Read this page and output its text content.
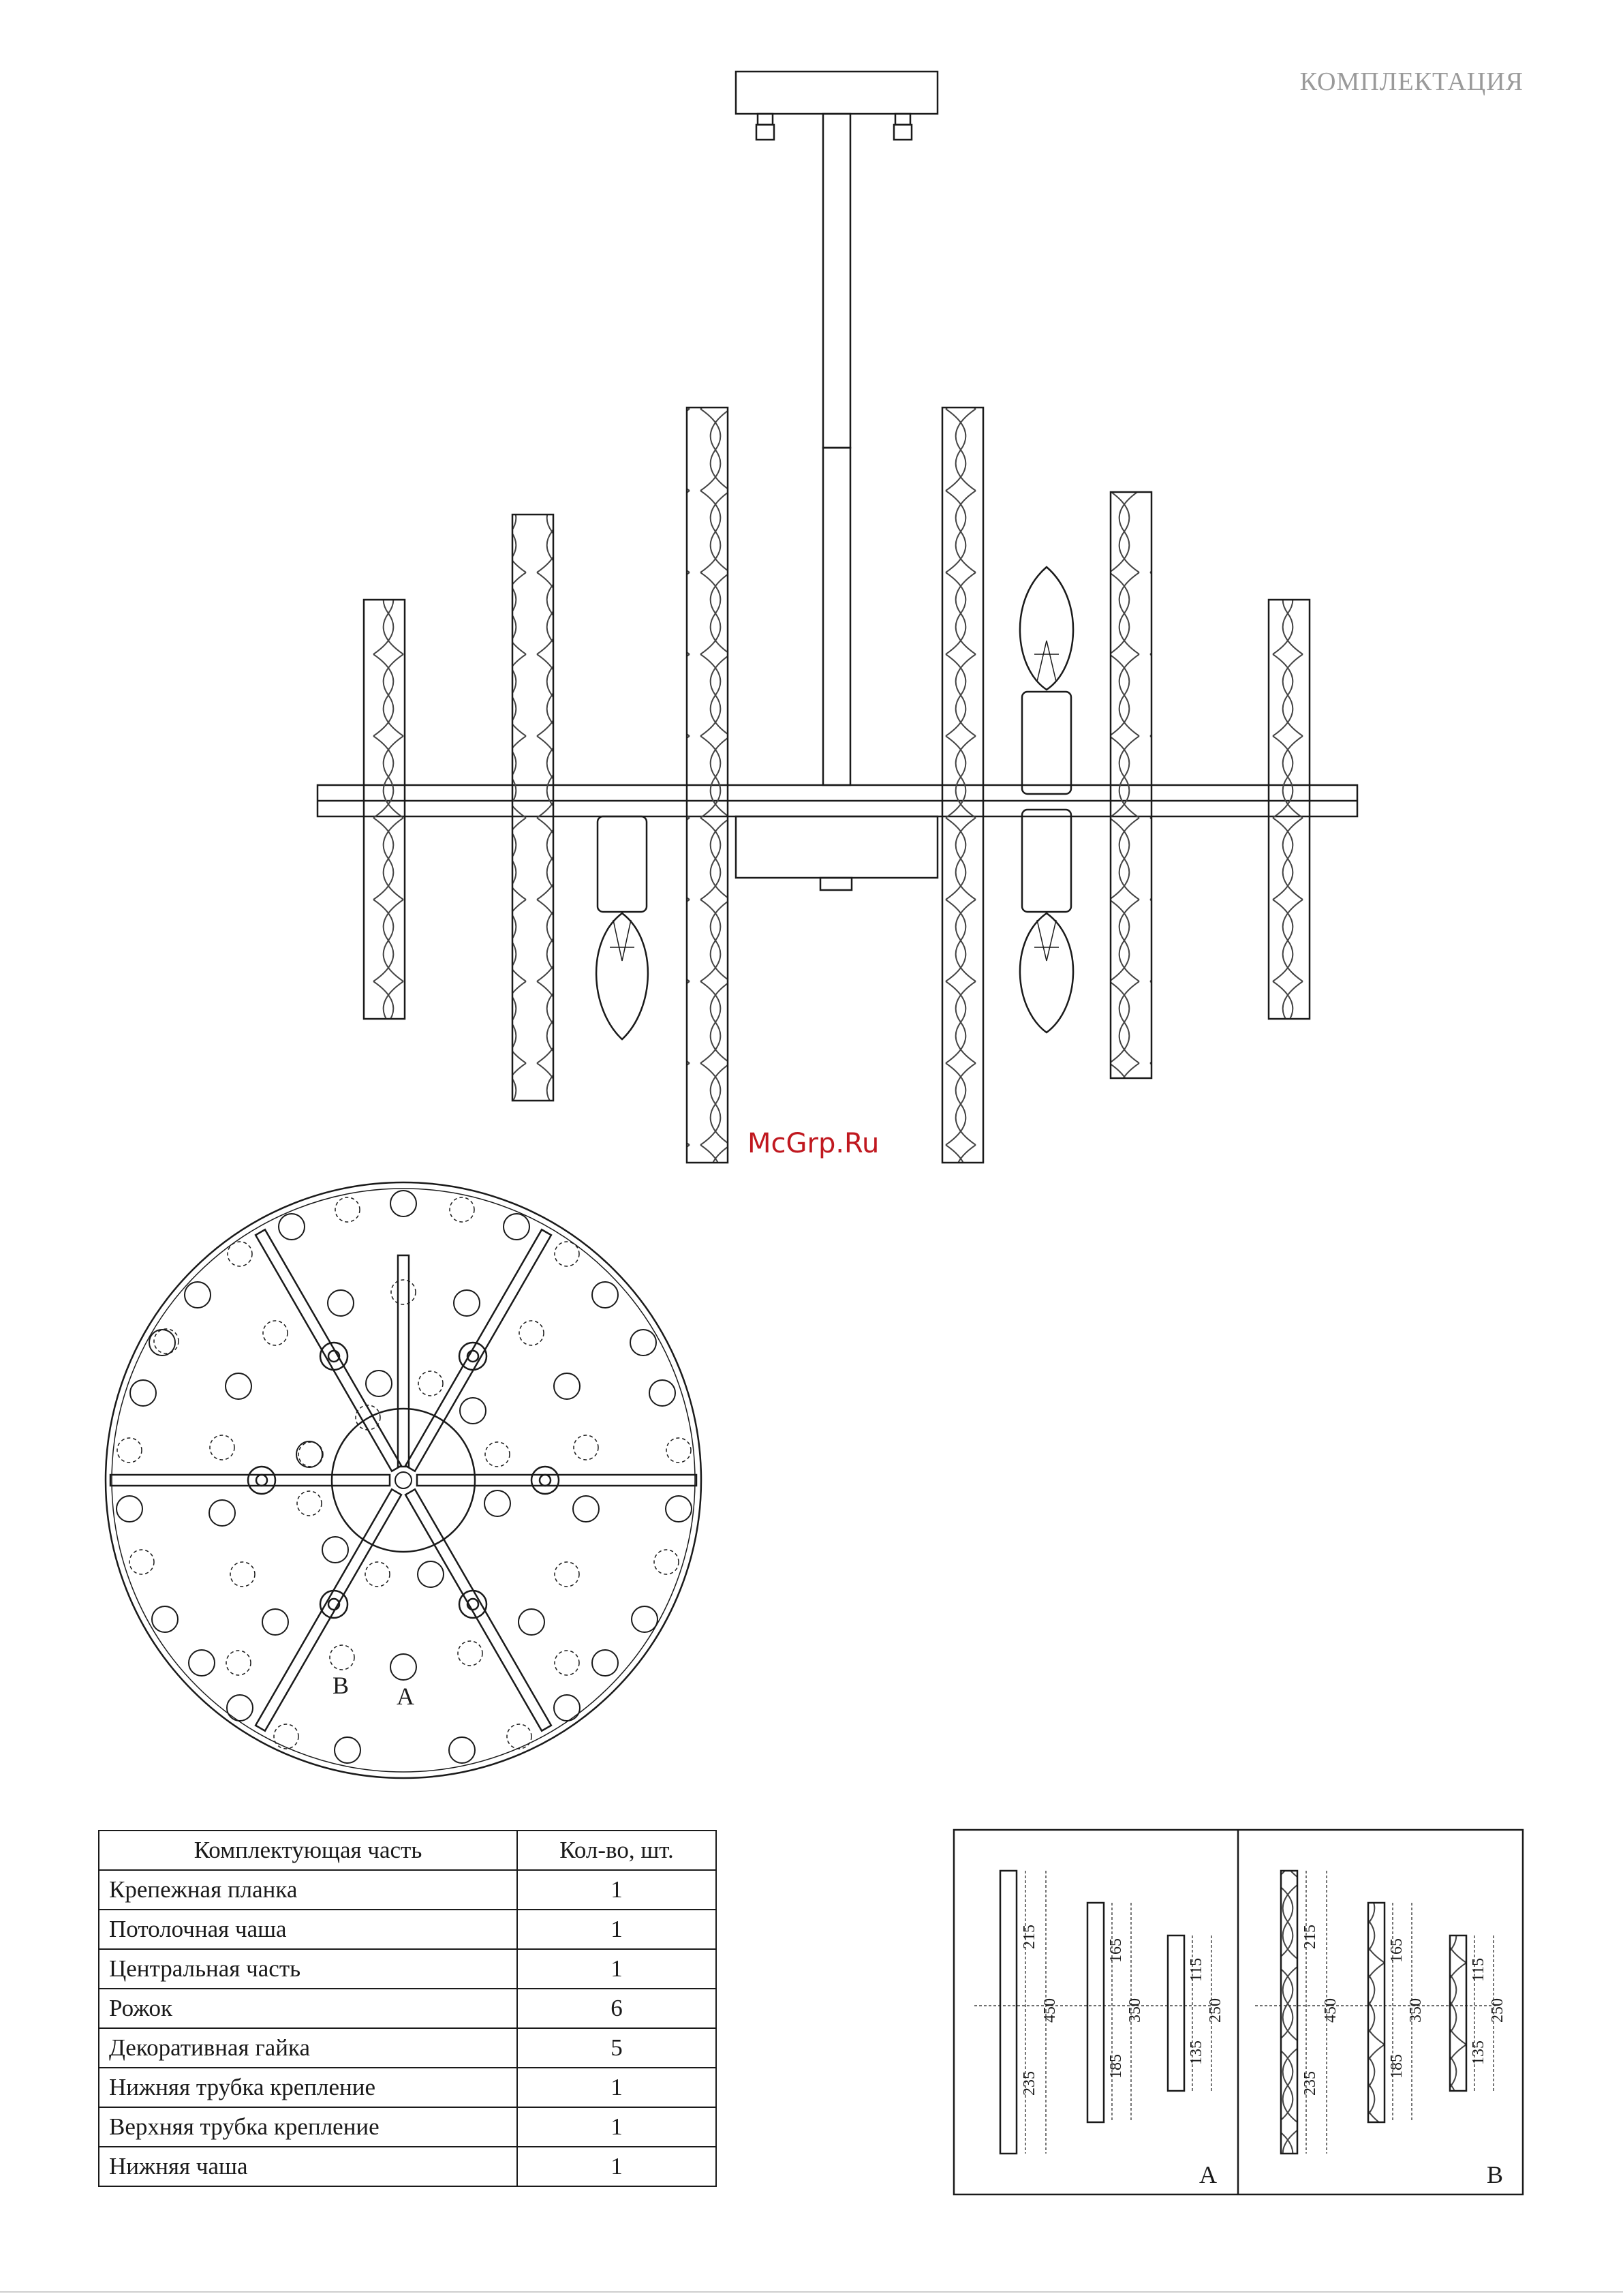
КОМПЛЕКТАЦИЯ
215
450
235
165
350
185
115
250
135
215
450
235
165
350
185
115
250
135
McGrp.Ru
B A
A	B
Комплектующая часть	Кол-во, шт.
Крепежная планка	1
Потолочная чаша	1
Центральная часть	1
Рожок	6
Декоративная гайка	5
Нижняя трубка крепление	1
Верхняя трубка крепление	1
Нижняя чаша	1
